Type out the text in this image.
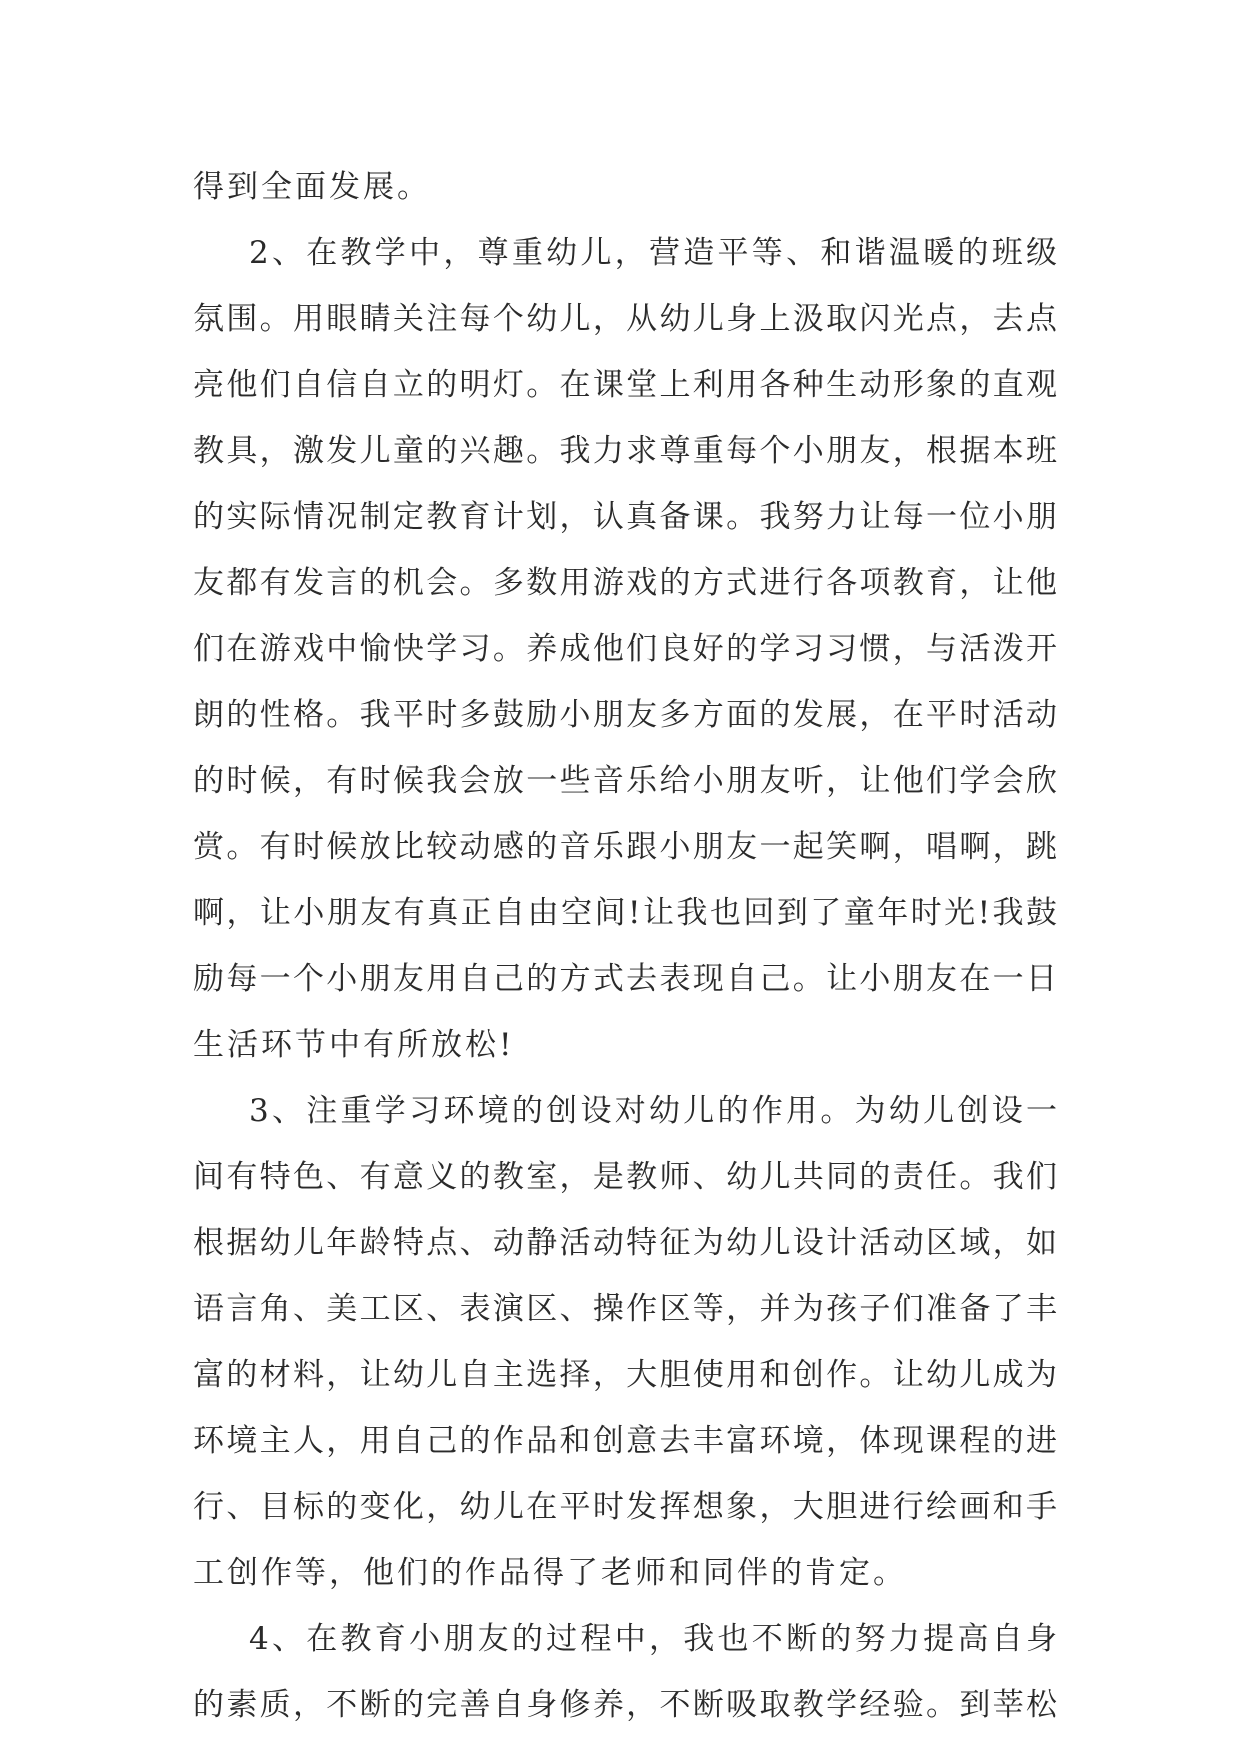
得到全面发展。
2、在教学中，尊重幼儿，营造平等、和谐温暖的班级
氛围。用眼睛关注每个幼儿，从幼儿身上汲取闪光点，去点
亮他们自信自立的明灯。在课堂上利用各种生动形象的直观
教具，激发儿童的兴趣。我力求尊重每个小朋友，根据本班
的实际情况制定教育计划，认真备课。我努力让每一位小朋
友都有发言的机会。多数用游戏的方式进行各项教育，让他
们在游戏中愉快学习。养成他们良好的学习习惯，与活泼开
朗的性格。我平时多鼓励小朋友多方面的发展，在平时活动
的时候，有时候我会放一些音乐给小朋友听，让他们学会欣
赏。有时候放比较动感的音乐跟小朋友一起笑啊，唱啊，跳
啊，让小朋友有真正自由空间!让我也回到了童年时光!我鼓
励每一个小朋友用自己的方式去表现自己。让小朋友在一日
生活环节中有所放松!
3、注重学习环境的创设对幼儿的作用。为幼儿创设一
间有特色、有意义的教室，是教师、幼儿共同的责任。我们
根据幼儿年龄特点、动静活动特征为幼儿设计活动区域，如
语言角、美工区、表演区、操作区等，并为孩子们准备了丰
富的材料，让幼儿自主选择，大胆使用和创作。让幼儿成为
环境主人，用自己的作品和创意去丰富环境，体现课程的进
行、目标的变化，幼儿在平时发挥想象，大胆进行绘画和手
工创作等，他们的作品得了老师和同伴的肯定。
4、在教育小朋友的过程中，我也不断的努力提高自身
的素质，不断的完善自身修养，不断吸取教学经验。到莘松
